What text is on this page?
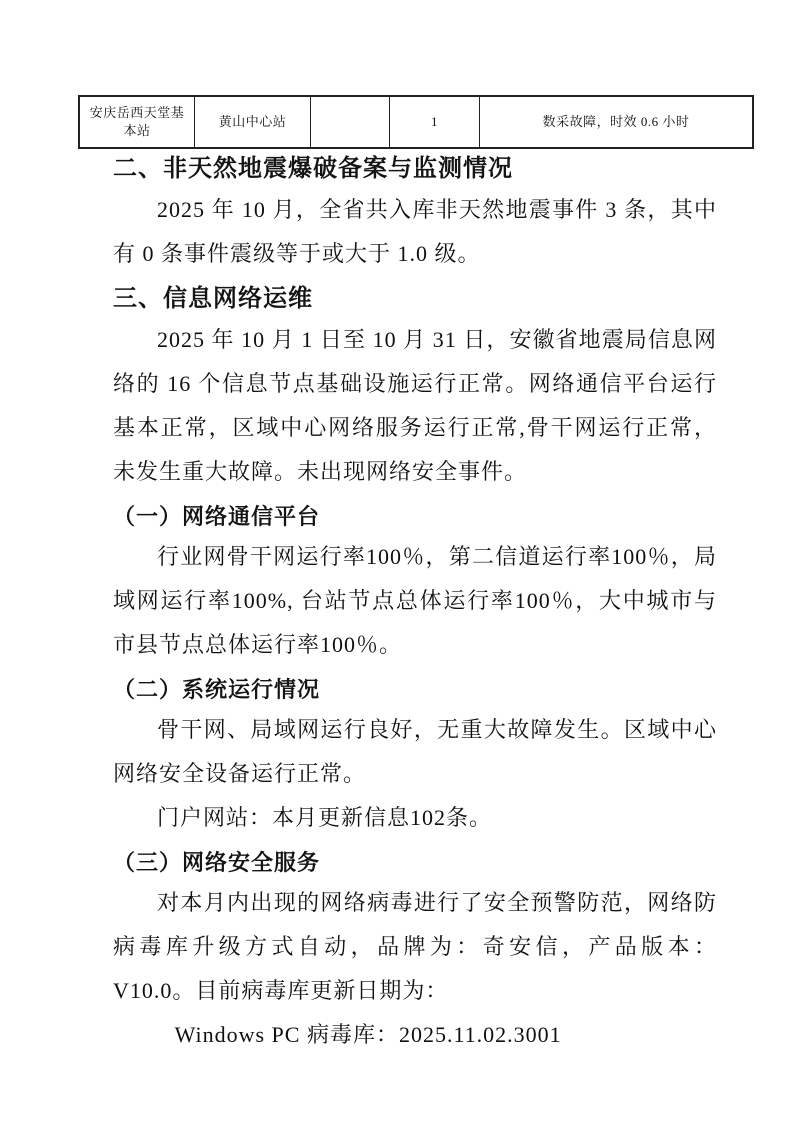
安庆岳西天堂基本站	黄山中心站		1	数采故障，时效 0.6 小时
二、非天然地震爆破备案与监测情况

2025 年 10 月，全省共入库非天然地震事件 3 条，其中有 0 条事件震级等于或大于 1.0 级。

三、信息网络运维

2025 年 10 月 1 日至 10 月 31 日，安徽省地震局信息网络的 16 个信息节点基础设施运行正常。网络通信平台运行基本正常，区域中心网络服务运行正常,骨干网运行正常，未发生重大故障。未出现网络安全事件。

（一）网络通信平台

行业网骨干网运行率100％，第二信道运行率100％，局域网运行率100%, 台站节点总体运行率100％，大中城市与市县节点总体运行率100％。

（二）系统运行情况

骨干网、局域网运行良好，无重大故障发生。区域中心网络安全设备运行正常。

门户网站：本月更新信息102条。

（三）网络安全服务

对本月内出现的网络病毒进行了安全预警防范，网络防病毒库升级方式自动，品牌为：奇安信，产品版本：V10.0。目前病毒库更新日期为：

Windows PC 病毒库：2025.11.02.3001
